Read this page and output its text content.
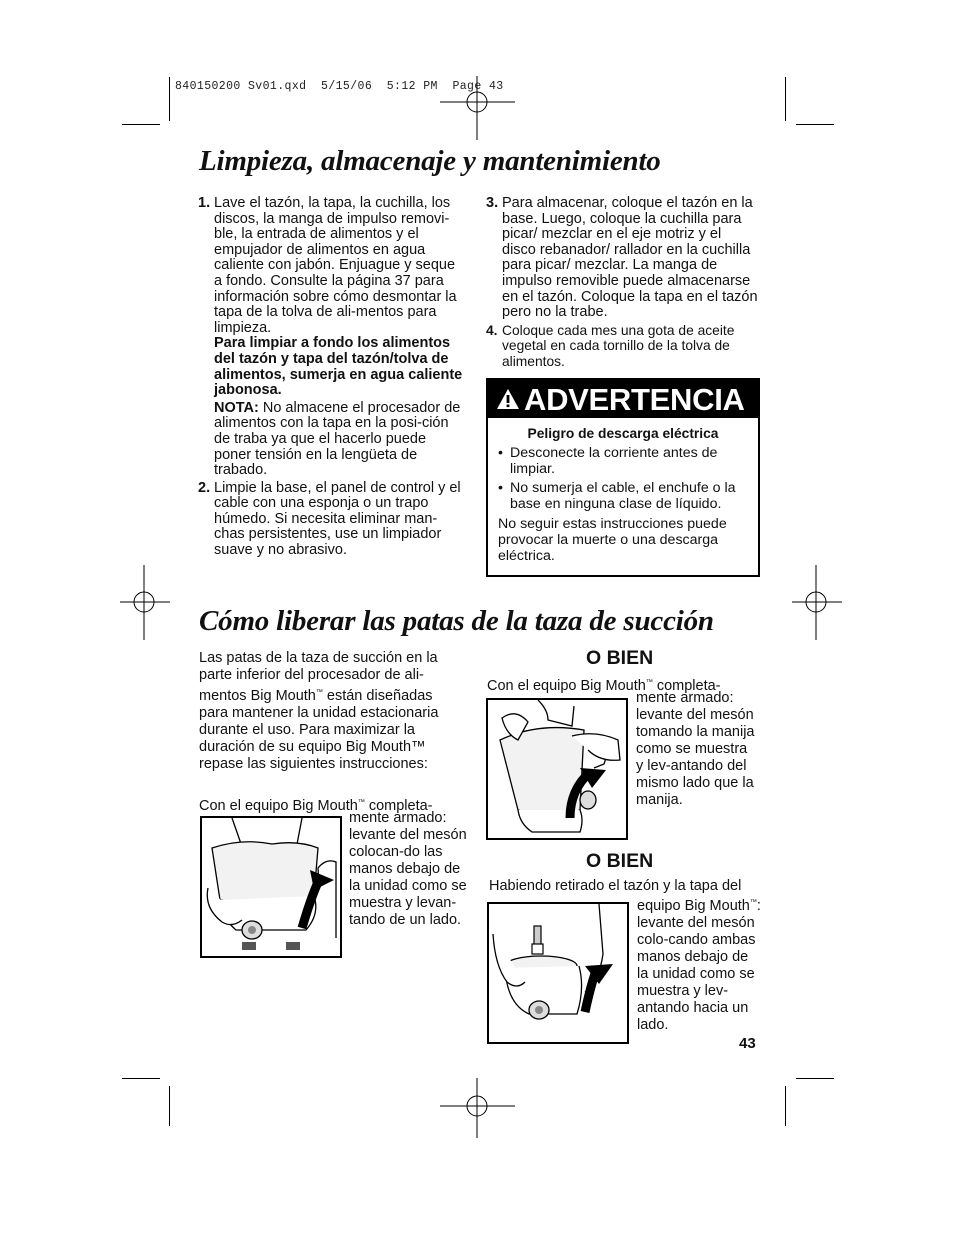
840150200 Sv01.qxd  5/15/06  5:12 PM  Page 43
Limpieza, almacenaje y mantenimiento
1. Lave el tazón, la tapa, la cuchilla, los discos, la manga de impulso removi-ble, la entrada de alimentos y el empujador de alimentos en agua caliente con jabón. Enjuague y seque a fondo. Consulte la página 37 para información sobre cómo desmontar la tapa de la tolva de ali-mentos para limpieza.
Para limpiar a fondo los alimentos del tazón y tapa del tazón/tolva de alimentos, sumerja en agua caliente jabonosa.
NOTA: No almacene el procesador de alimentos con la tapa en la posi-ción de traba ya que el hacerlo puede poner tensión en la lengüeta de trabado.
2. Limpie la base, el panel de control y el cable con una esponja o un trapo húmedo. Si necesita eliminar man-chas persistentes, use un limpiador suave y no abrasivo.
3. Para almacenar, coloque el tazón en la base. Luego, coloque la cuchilla para picar/ mezclar en el eje motriz y el disco rebanador/ rallador en la cuchilla para picar/ mezclar. La manga de impulso removible puede almacenarse en el tazón. Coloque la tapa en el tazón pero no la trabe.
4. Coloque cada mes una gota de aceite vegetal en cada tornillo de la tolva de alimentos.
ADVERTENCIA
Peligro de descarga eléctrica
• Desconecte la corriente antes de limpiar.
• No sumerja el cable, el enchufe o la base en ninguna clase de líquido.
No seguir estas instrucciones puede provocar la muerte o una descarga eléctrica.
Cómo liberar las patas de la taza de succión
Las patas de la taza de succión en la parte inferior del procesador de ali-mentos Big Mouth™ están diseñadas para mantener la unidad estacionaria durante el uso. Para maximizar la duración de su equipo Big Mouth™ repase las siguientes instrucciones:
Con el equipo Big Mouth™ completa-
mente armado: levante del mesón colocan-do las manos debajo de la unidad como se muestra y levan-tando de un lado.
O BIEN
Con el equipo Big Mouth™ completa-
mente armado: levante del mesón tomando la manija como se muestra y lev-antando del mismo lado que la manija.
O BIEN
Habiendo retirado el tazón y la tapa del
equipo Big Mouth™: levante del mesón colo-cando ambas manos debajo de la unidad como se muestra y lev-antando hacia un lado.
43
